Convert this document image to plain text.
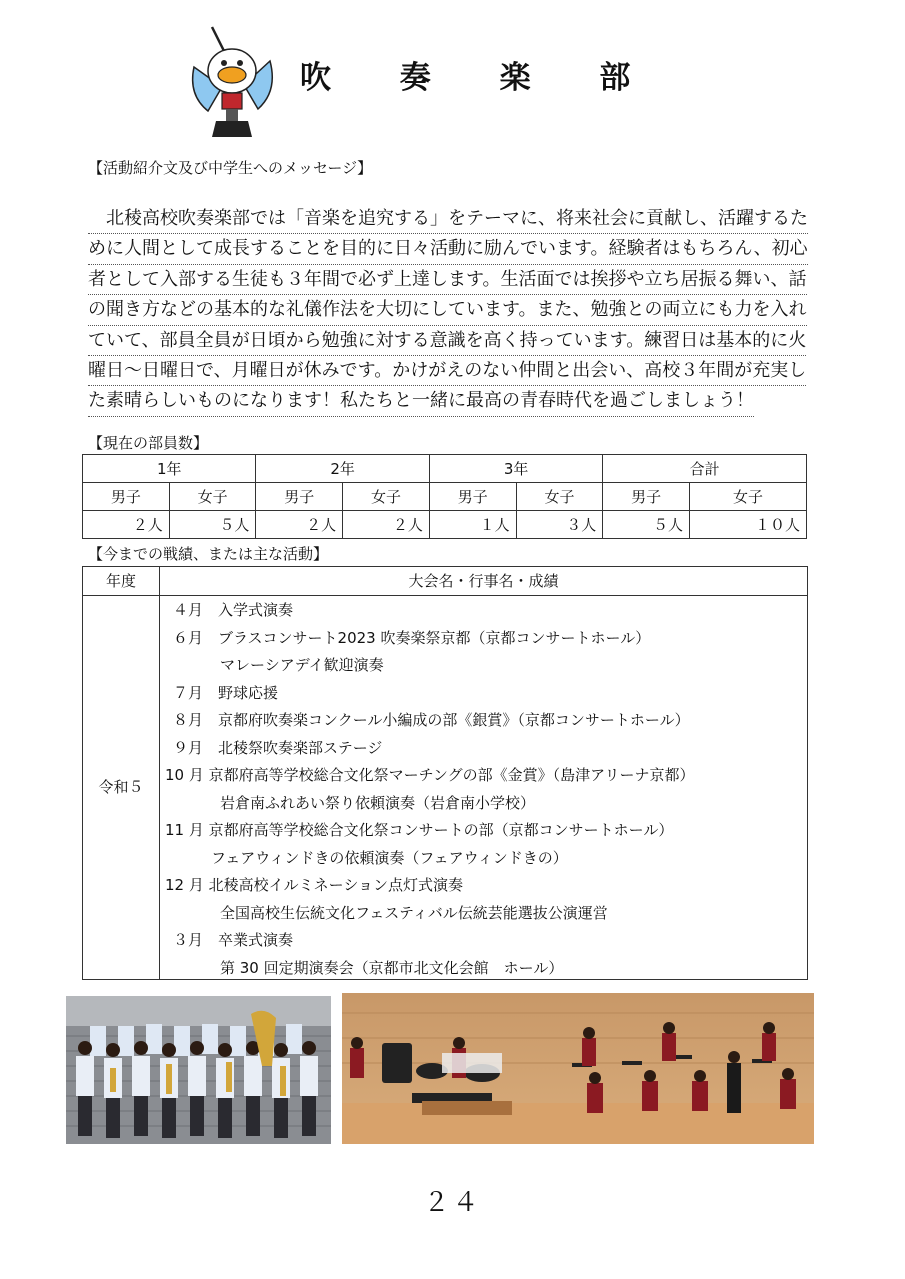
吹 奏 楽 部
【活動紹介文及び中学生へのメッセージ】
　北稜高校吹奏楽部では「音楽を追究する」をテーマに、将来社会に貢献し、活躍するた
めに人間として成長することを目的に日々活動に励んでいます。経験者はもちろん、初心
者として入部する生徒も３年間で必ず上達します。生活面では挨拶や立ち居振る舞い、話
の聞き方などの基本的な礼儀作法を大切にしています。また、勉強との両立にも力を入れ
ていて、部員全員が日頃から勉強に対する意識を高く持っています。練習日は基本的に火
曜日～日曜日で、月曜日が休みです。かけがえのない仲間と出会い、高校３年間が充実し
た素晴らしいものになります！私たちと一緒に最高の青春時代を過ごしましょう！
【現在の部員数】
1年		2年		3年		合計	
男子	女子	男子	女子	男子	女子	男子	女子
２人	５人	２人	２人	１人	３人	５人	１０人
【今までの戦績、または主な活動】
年度	大会名・行事名・成績
令和５
４月　入学式演奏
６月　ブラスコンサート2023 吹奏楽祭京都（京都コンサートホール）
マレーシアデイ歓迎演奏
７月　野球応援
８月　京都府吹奏楽コンクール小編成の部《銀賞》（京都コンサートホール）
９月　北稜祭吹奏楽部ステージ
10 月 京都府高等学校総合文化祭マーチングの部《金賞》（島津アリーナ京都）
岩倉南ふれあい祭り依頼演奏（岩倉南小学校）
11 月 京都府高等学校総合文化祭コンサートの部（京都コンサートホール）
フェアウィンドきの依頼演奏（フェアウィンドきの）
12 月 北稜高校イルミネーション点灯式演奏
全国高校生伝統文化フェスティバル伝統芸能選抜公演運営
３月　卒業式演奏
第 30 回定期演奏会（京都市北文化会館　ホール）
２４
